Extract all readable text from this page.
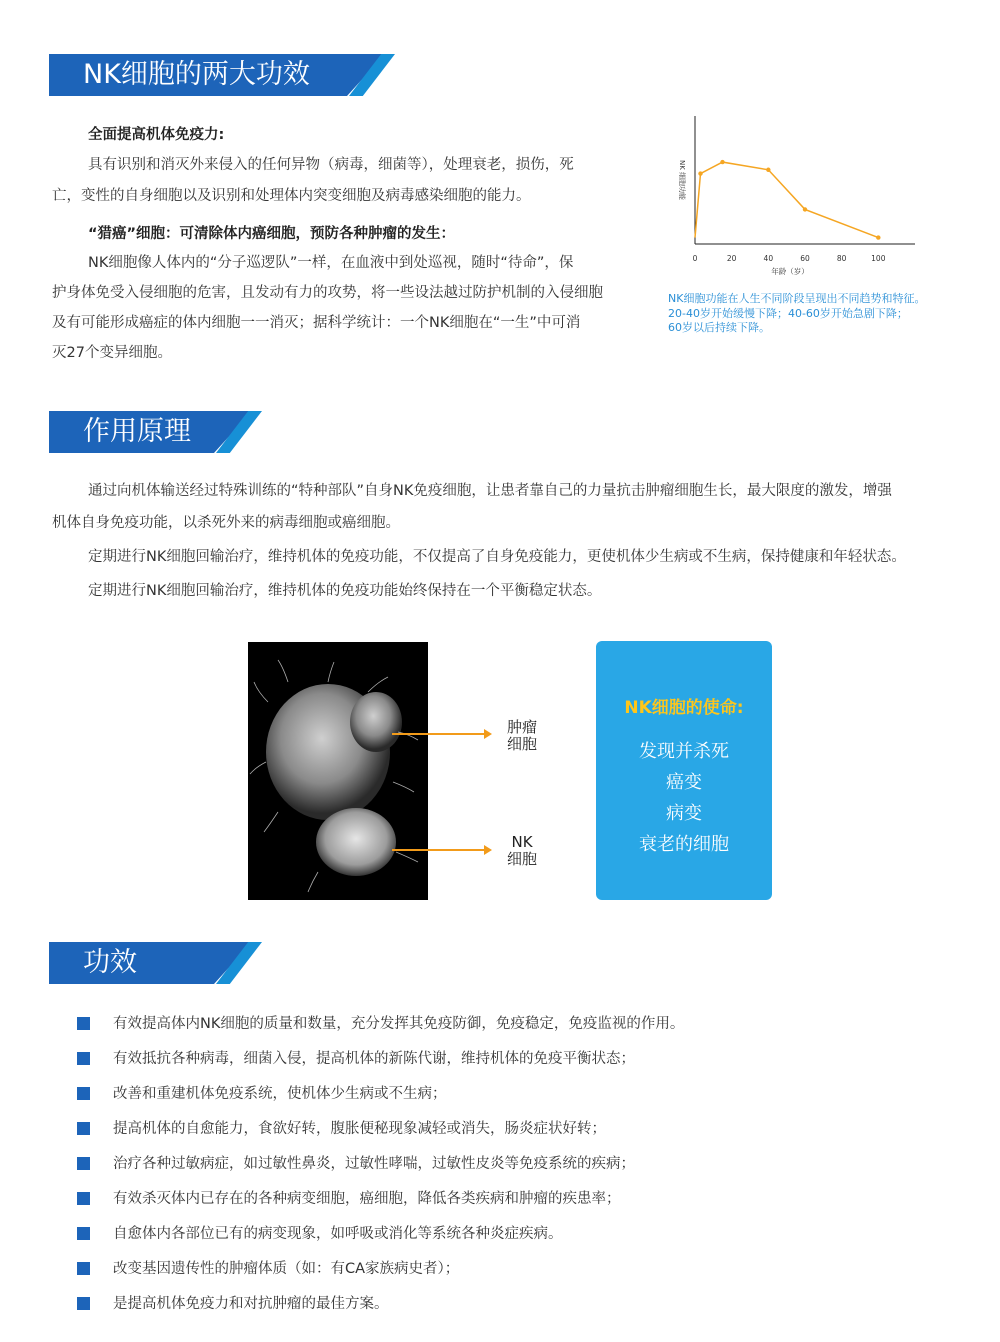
NK细胞的两大功效
全面提高机体免疫力:
具有识别和消灭外来侵入的任何异物（病毒，细菌等），处理衰老，损伤，死
亡，变性的自身细胞以及识别和处理体内突变细胞及病毒感染细胞的能力。
“猎癌”细胞：可清除体内癌细胞，预防各种肿瘤的发生：
NK细胞像人体内的“分子巡逻队”一样，在血液中到处巡视，随时“待命”，保
护身体免受入侵细胞的危害，且发动有力的攻势，将一些设法越过防护机制的入侵细胞
及有可能形成癌症的体内细胞一一消灭；据科学统计：一个NK细胞在“一生”中可消
灭27个变异细胞。
NK 细胞功能
年龄（岁）
0	20	40	60	80	100
NK细胞功能在人生不同阶段呈现出不同趋势和特征。
20-40岁开始缓慢下降；40-60岁开始急剧下降；
60岁以后持续下降。
作用原理
通过向机体输送经过特殊训练的“特种部队”自身NK免疫细胞，让患者靠自己的力量抗击肿瘤细胞生长，最大限度的激发，增强
机体自身免疫功能，以杀死外来的病毒细胞或癌细胞。
定期进行NK细胞回输治疗，维持机体的免疫功能，不仅提高了自身免疫能力，更使机体少生病或不生病，保持健康和年轻状态。
定期进行NK细胞回输治疗，维持机体的免疫功能始终保持在一个平衡稳定状态。
肿瘤
细胞
NK
细胞
NK细胞的使命:
发现并杀死
癌变
病变
衰老的细胞
功效
有效提高体内NK细胞的质量和数量，充分发挥其免疫防御，免疫稳定，免疫监视的作用。
有效抵抗各种病毒，细菌入侵，提高机体的新陈代谢，维持机体的免疫平衡状态；
改善和重建机体免疫系统，使机体少生病或不生病；
提高机体的自愈能力，食欲好转，腹胀便秘现象减轻或消失，肠炎症状好转；
治疗各种过敏病症，如过敏性鼻炎，过敏性哮喘，过敏性皮炎等免疫系统的疾病；
有效杀灭体内已存在的各种病变细胞，癌细胞，降低各类疾病和肿瘤的疾患率；
自愈体内各部位已有的病变现象，如呼吸或消化等系统各种炎症疾病。
改变基因遗传性的肿瘤体质（如：有CA家族病史者）；
是提高机体免疫力和对抗肿瘤的最佳方案。
